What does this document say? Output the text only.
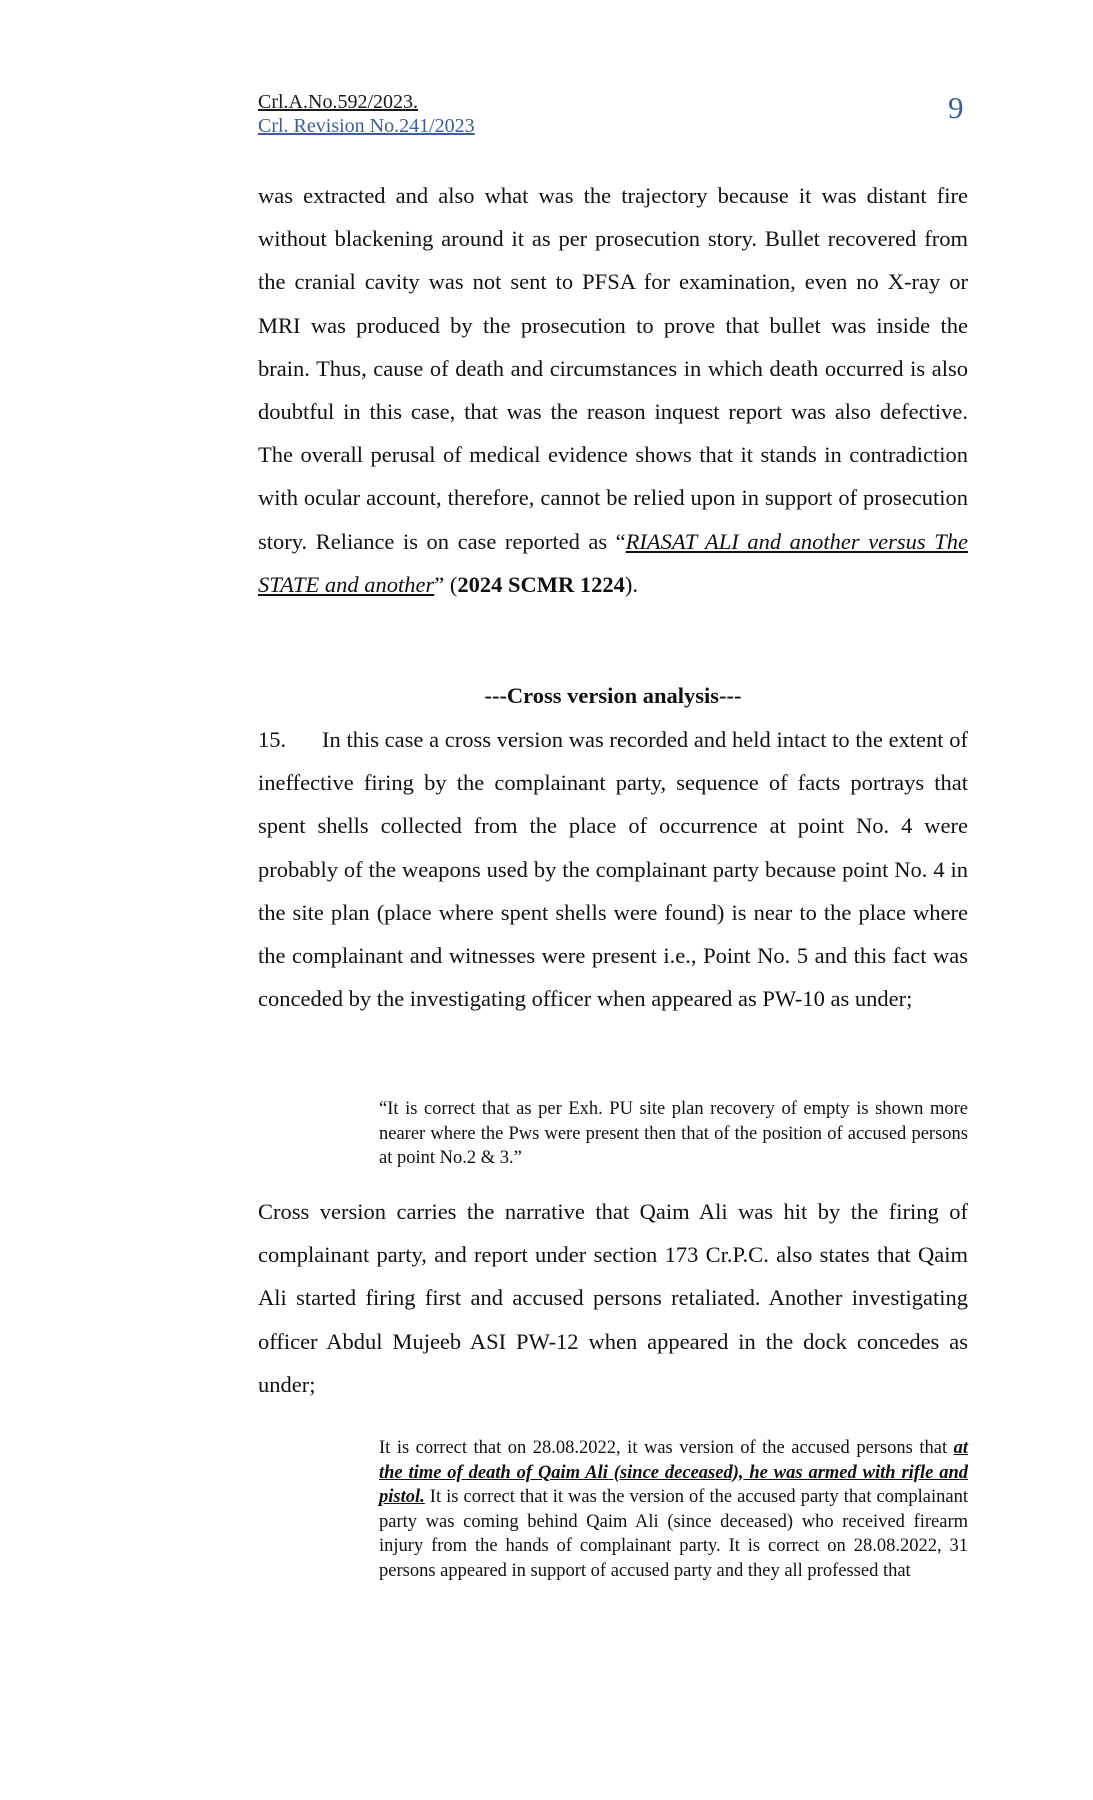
Crl.A.No.592/2023.
Crl. Revision No.241/2023
9
was extracted and also what was the trajectory because it was distant fire without blackening around it as per prosecution story. Bullet recovered from the cranial cavity was not sent to PFSA for examination, even no X-ray or MRI was produced by the prosecution to prove that bullet was inside the brain. Thus, cause of death and circumstances in which death occurred is also doubtful in this case, that was the reason inquest report was also defective. The overall perusal of medical evidence shows that it stands in contradiction with ocular account, therefore, cannot be relied upon in support of prosecution story. Reliance is on case reported as “RIASAT ALI and another versus The STATE and another” (2024 SCMR 1224).
---Cross version analysis---
15. In this case a cross version was recorded and held intact to the extent of ineffective firing by the complainant party, sequence of facts portrays that spent shells collected from the place of occurrence at point No. 4 were probably of the weapons used by the complainant party because point No. 4 in the site plan (place where spent shells were found) is near to the place where the complainant and witnesses were present i.e., Point No. 5 and this fact was conceded by the investigating officer when appeared as PW-10 as under;
“It is correct that as per Exh. PU site plan recovery of empty is shown more nearer where the Pws were present then that of the position of accused persons at point No.2 & 3.”
Cross version carries the narrative that Qaim Ali was hit by the firing of complainant party, and report under section 173 Cr.P.C. also states that Qaim Ali started firing first and accused persons retaliated. Another investigating officer Abdul Mujeeb ASI PW-12 when appeared in the dock concedes as under;
It is correct that on 28.08.2022, it was version of the accused persons that at the time of death of Qaim Ali (since deceased), he was armed with rifle and pistol. It is correct that it was the version of the accused party that complainant party was coming behind Qaim Ali (since deceased) who received firearm injury from the hands of complainant party. It is correct on 28.08.2022, 31 persons appeared in support of accused party and they all professed that
